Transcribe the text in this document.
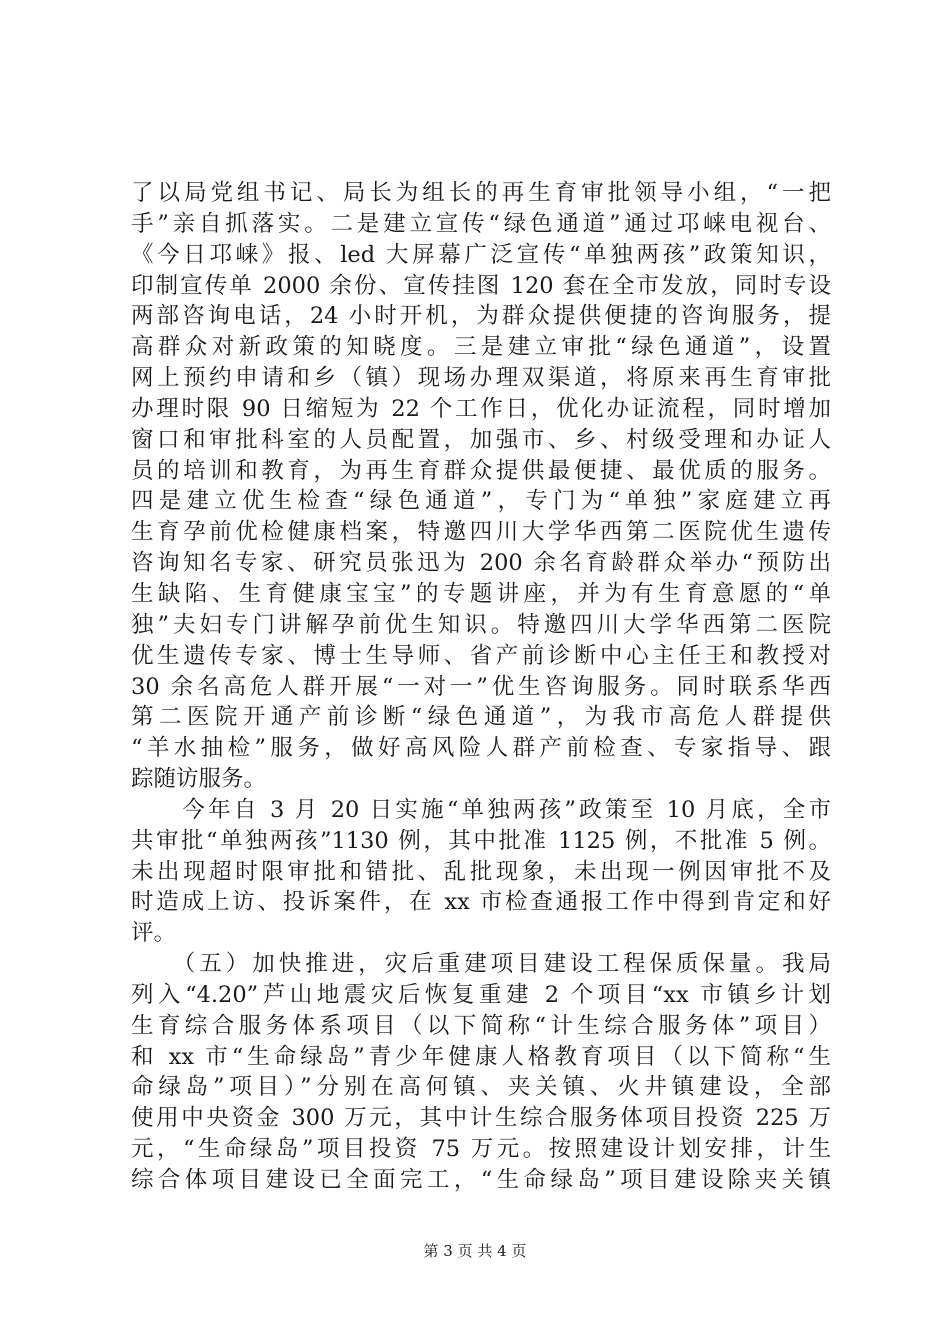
了以局党组书记、局长为组长的再生育审批领导小组，“一把
手”亲自抓落实。二是建立宣传“绿色通道”通过邛崃电视台、
《今日邛崃》报、led 大屏幕广泛宣传“单独两孩”政策知识，
印制宣传单 2000 余份、宣传挂图 120 套在全市发放，同时专设
两部咨询电话，24 小时开机，为群众提供便捷的咨询服务，提
高群众对新政策的知晓度。三是建立审批“绿色通道”，设置
网上预约申请和乡（镇）现场办理双渠道，将原来再生育审批
办理时限 90 日缩短为 22 个工作日，优化办证流程，同时增加
窗口和审批科室的人员配置，加强市、乡、村级受理和办证人
员的培训和教育，为再生育群众提供最便捷、最优质的服务。
四是建立优生检查“绿色通道”，专门为“单独”家庭建立再
生育孕前优检健康档案，特邀四川大学华西第二医院优生遗传
咨询知名专家、研究员张迅为 200 余名育龄群众举办“预防出
生缺陷、生育健康宝宝”的专题讲座，并为有生育意愿的“单
独”夫妇专门讲解孕前优生知识。特邀四川大学华西第二医院
优生遗传专家、博士生导师、省产前诊断中心主任王和教授对
30 余名高危人群开展“一对一”优生咨询服务。同时联系华西
第二医院开通产前诊断“绿色通道”，为我市高危人群提供
“羊水抽检”服务，做好高风险人群产前检查、专家指导、跟
踪随访服务。
　　今年自 3 月 20 日实施“单独两孩”政策至 10 月底，全市
共审批“单独两孩”1130 例，其中批准 1125 例，不批准 5 例。
未出现超时限审批和错批、乱批现象，未出现一例因审批不及
时造成上访、投诉案件，在 xx 市检查通报工作中得到肯定和好
评。
　　（五）加快推进，灾后重建项目建设工程保质保量。我局
列入“4.20”芦山地震灾后恢复重建 2 个项目“xx 市镇乡计划
生育综合服务体系项目（以下简称“计生综合服务体”项目）
和 xx 市“生命绿岛”青少年健康人格教育项目（以下简称“生
命绿岛”项目）”分别在高何镇、夹关镇、火井镇建设，全部
使用中央资金 300 万元，其中计生综合服务体项目投资 225 万
元，“生命绿岛”项目投资 75 万元。按照建设计划安排，计生
综合体项目建设已全面完工，“生命绿岛”项目建设除夹关镇
第 3 页 共 4 页
